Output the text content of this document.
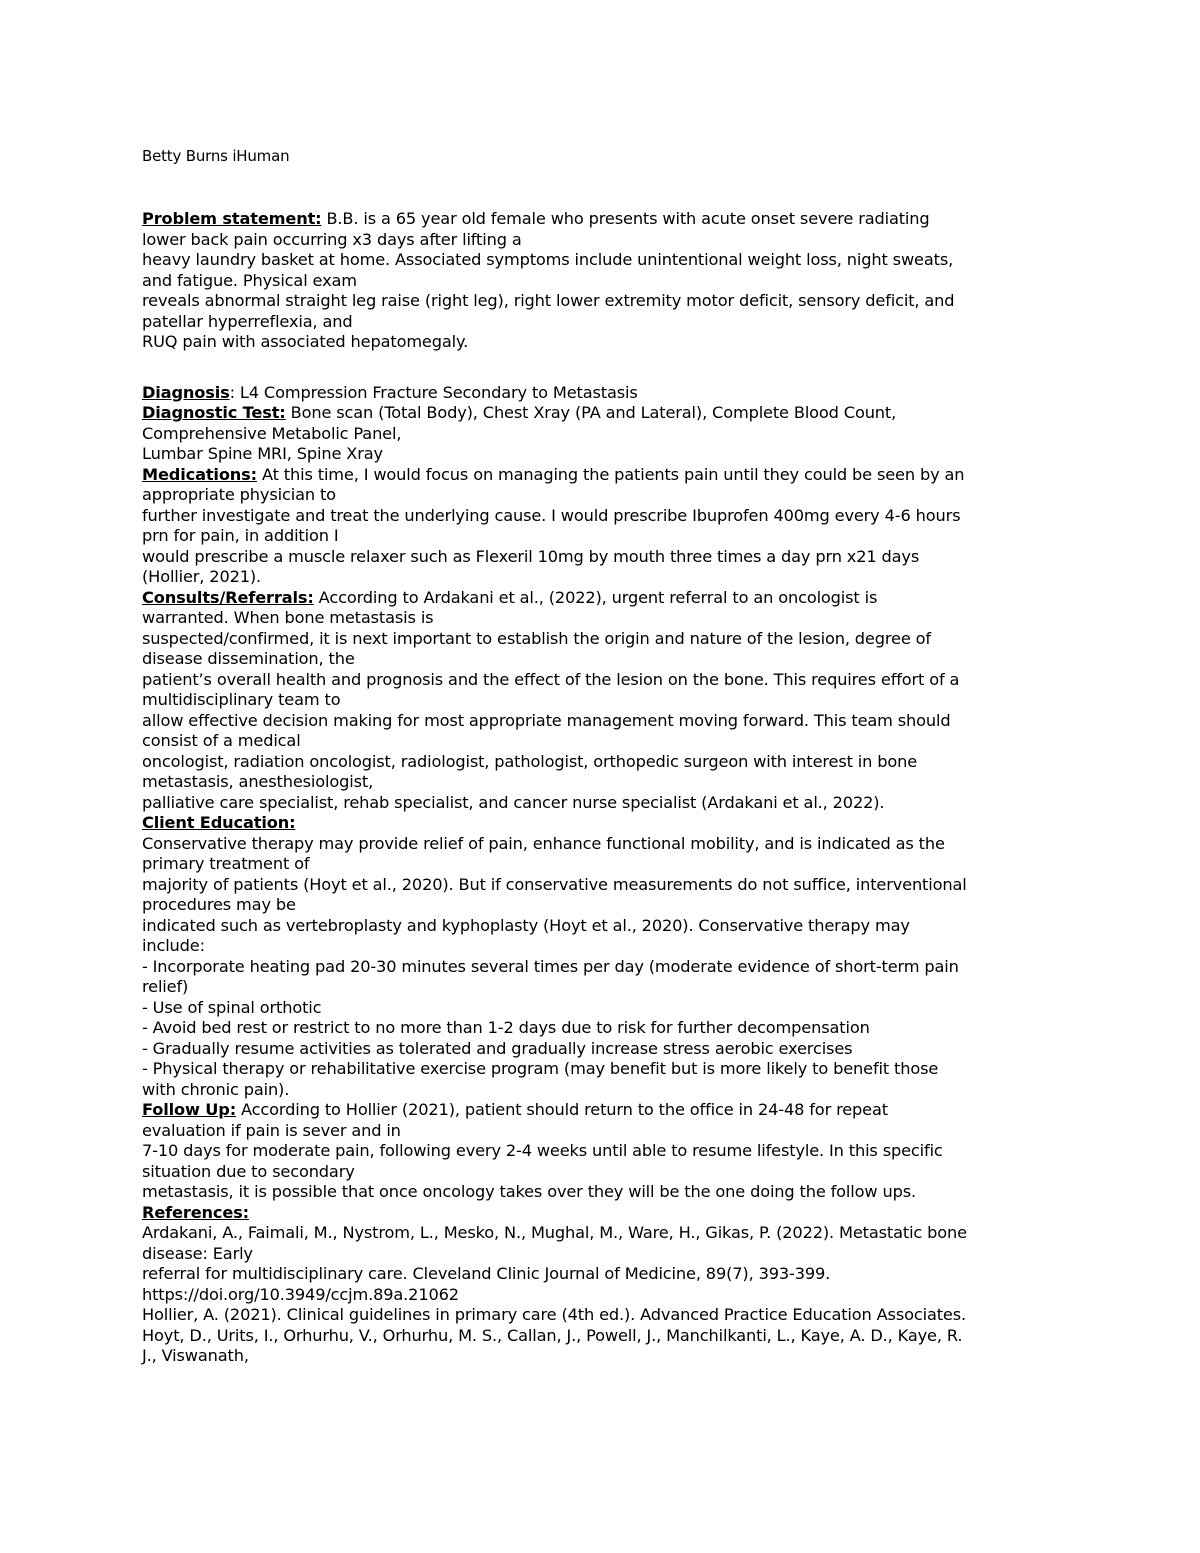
Betty Burns iHuman
Problem statement: B.B. is a 65 year old female who presents with acute onset severe radiating
lower back pain occurring x3 days after lifting a
heavy laundry basket at home. Associated symptoms include unintentional weight loss, night sweats,
and fatigue. Physical exam
reveals abnormal straight leg raise (right leg), right lower extremity motor deficit, sensory deficit, and
patellar hyperreflexia, and
RUQ pain with associated hepatomegaly.
Diagnosis: L4 Compression Fracture Secondary to Metastasis
Diagnostic Test: Bone scan (Total Body), Chest Xray (PA and Lateral), Complete Blood Count,
Comprehensive Metabolic Panel,
Lumbar Spine MRI, Spine Xray
Medications: At this time, I would focus on managing the patients pain until they could be seen by an
appropriate physician to
further investigate and treat the underlying cause. I would prescribe Ibuprofen 400mg every 4-6 hours
prn for pain, in addition I
would prescribe a muscle relaxer such as Flexeril 10mg by mouth three times a day prn x21 days
(Hollier, 2021).
Consults/Referrals: According to Ardakani et al., (2022), urgent referral to an oncologist is
warranted. When bone metastasis is
suspected/confirmed, it is next important to establish the origin and nature of the lesion, degree of
disease dissemination, the
patient’s overall health and prognosis and the effect of the lesion on the bone. This requires effort of a
multidisciplinary team to
allow effective decision making for most appropriate management moving forward. This team should
consist of a medical
oncologist, radiation oncologist, radiologist, pathologist, orthopedic surgeon with interest in bone
metastasis, anesthesiologist,
palliative care specialist, rehab specialist, and cancer nurse specialist (Ardakani et al., 2022).
Client Education:
Conservative therapy may provide relief of pain, enhance functional mobility, and is indicated as the
primary treatment of
majority of patients (Hoyt et al., 2020). But if conservative measurements do not suffice, interventional
procedures may be
indicated such as vertebroplasty and kyphoplasty (Hoyt et al., 2020). Conservative therapy may
include:
- Incorporate heating pad 20-30 minutes several times per day (moderate evidence of short-term pain
relief)
- Use of spinal orthotic
- Avoid bed rest or restrict to no more than 1-2 days due to risk for further decompensation
- Gradually resume activities as tolerated and gradually increase stress aerobic exercises
- Physical therapy or rehabilitative exercise program (may benefit but is more likely to benefit those
with chronic pain).
Follow Up: According to Hollier (2021), patient should return to the office in 24-48 for repeat
evaluation if pain is sever and in
7-10 days for moderate pain, following every 2-4 weeks until able to resume lifestyle. In this specific
situation due to secondary
metastasis, it is possible that once oncology takes over they will be the one doing the follow ups.
References:
Ardakani, A., Faimali, M., Nystrom, L., Mesko, N., Mughal, M., Ware, H., Gikas, P. (2022). Metastatic bone
disease: Early
referral for multidisciplinary care. Cleveland Clinic Journal of Medicine, 89(7), 393-399.
https://doi.org/10.3949/ccjm.89a.21062
Hollier, A. (2021). Clinical guidelines in primary care (4th ed.). Advanced Practice Education Associates.
Hoyt, D., Urits, I., Orhurhu, V., Orhurhu, M. S., Callan, J., Powell, J., Manchilkanti, L., Kaye, A. D., Kaye, R.
J., Viswanath,
